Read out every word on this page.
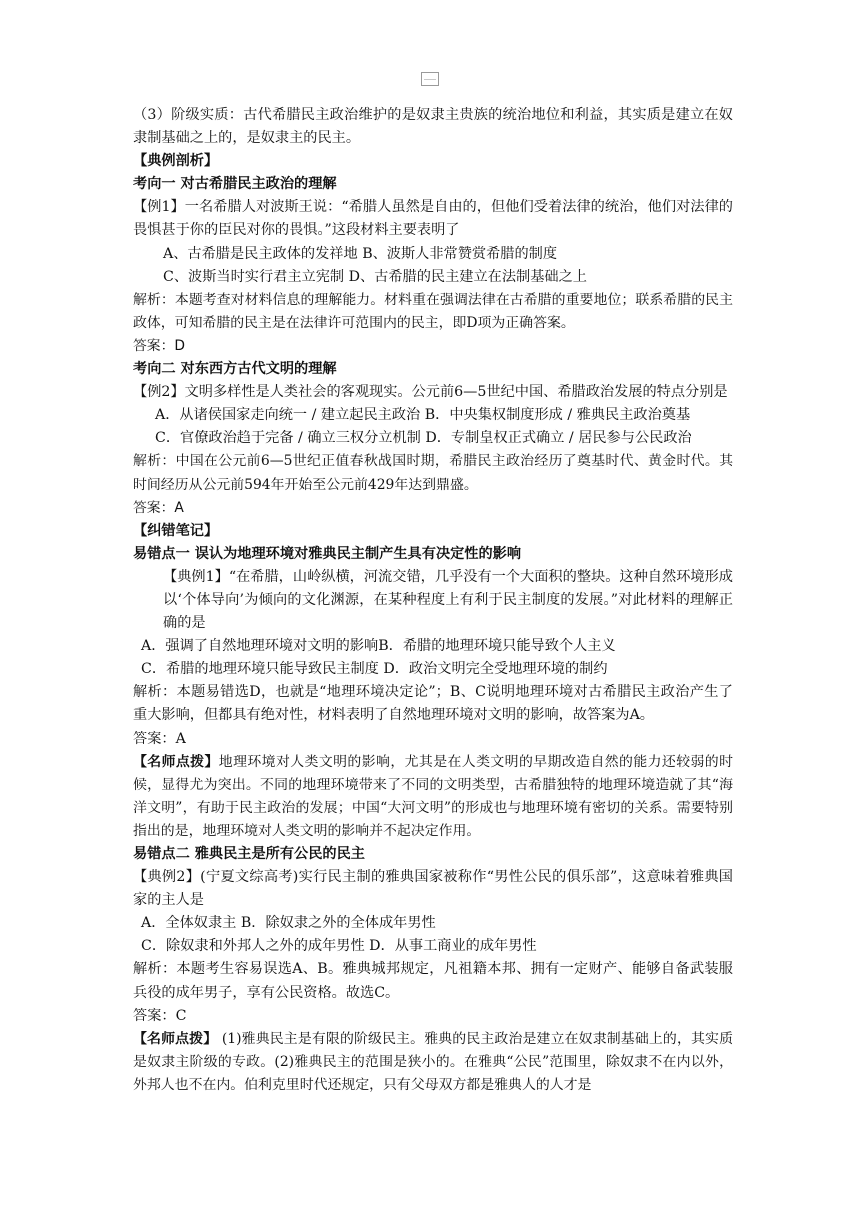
（3）阶级实质：古代希腊民主政治维护的是奴隶主贵族的统治地位和利益，其实质是建立在奴隶制基础之上的，是奴隶主的民主。

【典例剖析】

考向一 对古希腊民主政治的理解

【例1】一名希腊人对波斯王说：“希腊人虽然是自由的，但他们受着法律的统治，他们对法律的畏惧甚于你的臣民对你的畏惧。”这段材料主要表明了

A、古希腊是民主政体的发祥地 B、波斯人非常赞赏希腊的制度

C、波斯当时实行君主立宪制 D、古希腊的民主建立在法制基础之上

解析：本题考查对材料信息的理解能力。材料重在强调法律在古希腊的重要地位；联系希腊的民主政体，可知希腊的民主是在法律许可范围内的民主，即D项为正确答案。

答案：D

考向二 对东西方古代文明的理解

【例2】文明多样性是人类社会的客观现实。公元前6—5世纪中国、希腊政治发展的特点分别是

A．从诸侯国家走向统一 / 建立起民主政治 B．中央集权制度形成 / 雅典民主政治奠基

C．官僚政治趋于完备 / 确立三权分立机制 D．专制皇权正式确立 / 居民参与公民政治

解析：中国在公元前6—5世纪正值春秋战国时期，希腊民主政治经历了奠基时代、黄金时代。其时间经历从公元前594年开始至公元前429年达到鼎盛。

答案：A

【纠错笔记】

易错点一 误认为地理环境对雅典民主制产生具有决定性的影响

【典例1】“在希腊，山岭纵横，河流交错，几乎没有一个大面积的整块。这种自然环境形成以‘个体导向’为倾向的文化渊源，在某种程度上有利于民主制度的发展。”对此材料的理解正确的是

A．强调了自然地理环境对文明的影响B．希腊的地理环境只能导致个人主义

C．希腊的地理环境只能导致民主制度 D．政治文明完全受地理环境的制约

解析：本题易错选D，也就是“地理环境决定论”；B、C说明地理环境对古希腊民主政治产生了重大影响，但都具有绝对性，材料表明了自然地理环境对文明的影响，故答案为A。

答案：A

【名师点拨】地理环境对人类文明的影响，尤其是在人类文明的早期改造自然的能力还较弱的时候，显得尤为突出。不同的地理环境带来了不同的文明类型，古希腊独特的地理环境造就了其“海洋文明”，有助于民主政治的发展；中国“大河文明”的形成也与地理环境有密切的关系。需要特别指出的是，地理环境对人类文明的影响并不起决定作用。

易错点二 雅典民主是所有公民的民主

【典例2】(宁夏文综高考)实行民主制的雅典国家被称作“男性公民的俱乐部”，这意味着雅典国家的主人是

A．全体奴隶主 B．除奴隶之外的全体成年男性

C．除奴隶和外邦人之外的成年男性 D．从事工商业的成年男性

解析：本题考生容易误选A、B。雅典城邦规定，凡祖籍本邦、拥有一定财产、能够自备武装服兵役的成年男子，享有公民资格。故选C。

答案：C

【名师点拨】 (1)雅典民主是有限的阶级民主。雅典的民主政治是建立在奴隶制基础上的，其实质是奴隶主阶级的专政。(2)雅典民主的范围是狭小的。在雅典“公民”范围里，除奴隶不在内以外，外邦人也不在内。伯利克里时代还规定，只有父母双方都是雅典人的人才是
